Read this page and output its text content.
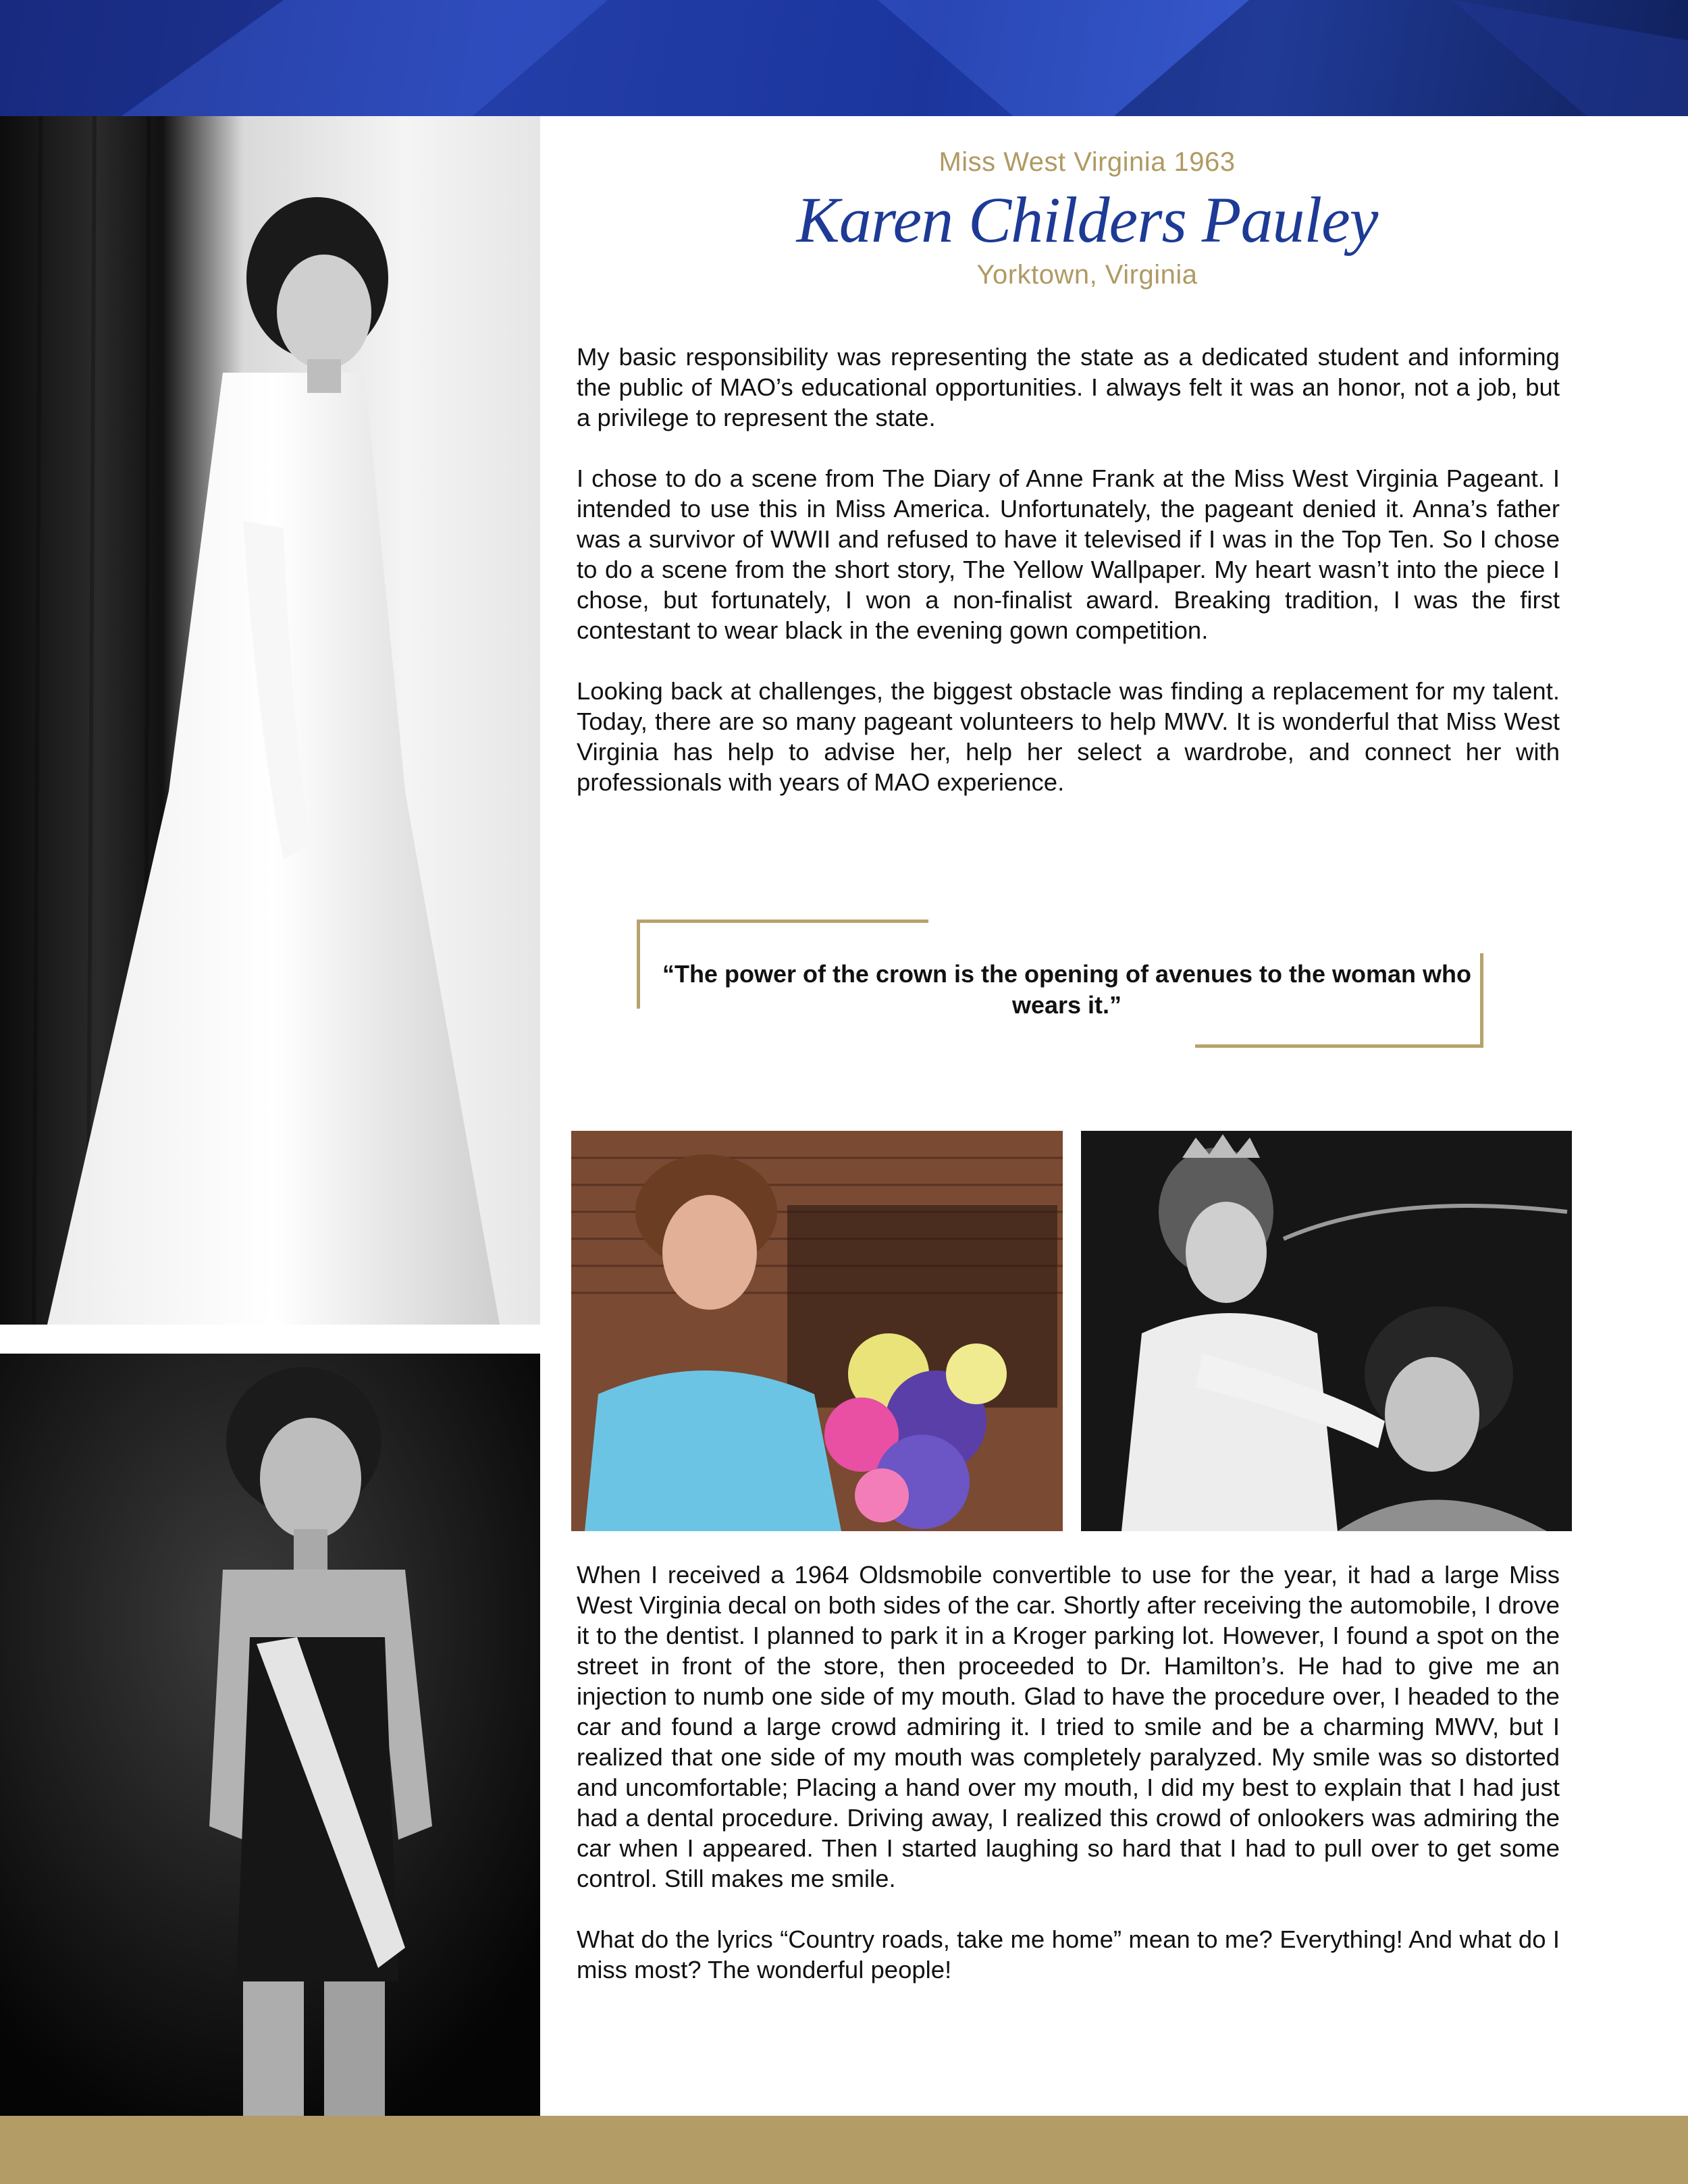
Miss West Virginia 1963
Karen Childers Pauley
Yorktown, Virginia

My basic responsibility was representing the state as a dedicated student and informing the public of MAO’s educational opportunities. I always felt it was an honor, not a job, but a privilege to represent the state.

I chose to do a scene from The Diary of Anne Frank at the Miss West Virginia Pageant. I intended to use this in Miss America. Unfortunately, the pageant denied it. Anna’s father was a survivor of WWII and refused to have it televised if I was in the Top Ten. So I chose to do a scene from the short story, The Yellow Wallpaper. My heart wasn’t into the piece I chose, but fortunately, I won a non-finalist award. Breaking tradition, I was the first contestant to wear black in the evening gown competition.

Looking back at challenges, the biggest obstacle was finding a replacement for my talent. Today, there are so many pageant volunteers to help MWV. It is wonderful that Miss West Virginia has help to advise her, help her select a wardrobe, and connect her with professionals with years of MAO experience.

“The power of the crown is the opening of avenues to the woman who wears it.”

When I received a 1964 Oldsmobile convertible to use for the year, it had a large Miss West Virginia decal on both sides of the car. Shortly after receiving the automobile, I drove it to the dentist. I planned to park it in a Kroger parking lot. However, I found a spot on the street in front of the store, then proceeded to Dr. Hamilton’s. He had to give me an injection to numb one side of my mouth. Glad to have the procedure over, I headed to the car and found a large crowd admiring it. I tried to smile and be a charming MWV, but I realized that one side of my mouth was completely paralyzed. My smile was so distorted and uncomfortable; Placing a hand over my mouth, I did my best to explain that I had just had a dental procedure. Driving away, I realized this crowd of onlookers was admiring the car when I appeared. Then I started laughing so hard that I had to pull over to get some control. Still makes me smile.

What do the lyrics “Country roads, take me home” mean to me? Everything! And what do I miss most? The wonderful people!
